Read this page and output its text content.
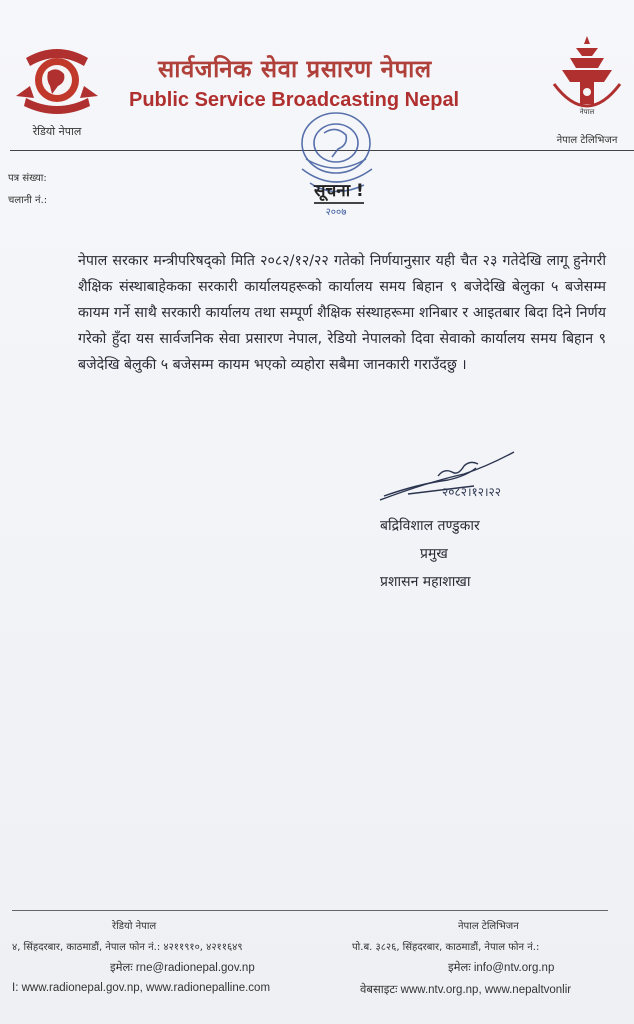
रेडियो नेपाल
सार्वजनिक सेवा प्रसारण नेपाल
Public Service Broadcasting Nepal
नेपाल
नेपाल टेलिभिजन
२००७
पत्र संख्या:
चलानी नं.:	सूचना !
नेपाल सरकार मन्त्रीपरिषद्को मिति २०८२/१२/२२ गतेको निर्णयानुसार यही चैत २३ गतेदेखि लागू हुनेगरी शैक्षिक संस्थाबाहेकका सरकारी कार्यालयहरूको कार्यालय समय बिहान ९ बजेदेखि बेलुका ५ बजेसम्म कायम गर्ने साथै सरकारी कार्यालय तथा सम्पूर्ण शैक्षिक संस्थाहरूमा शनिबार र आइतबार बिदा दिने निर्णय गरेको हुँदा यस सार्वजनिक सेवा प्रसारण नेपाल, रेडियो नेपालको दिवा सेवाको कार्यालय समय बिहान ९ बजेदेखि बेलुकी ५ बजेसम्म कायम भएको व्यहोरा सबैमा जानकारी गराउँदछु ।
२०८२।१२।२२
बद्रिविशाल तण्डुकार
प्रमुख
प्रशासन महाशाखा
रेडियो नेपाल
४, सिंहदरबार, काठमाडौं, नेपाल फोन नं.: ४२११९१०, ४२११६४९
इमेलः rne@radionepal.gov.np
I: www.radionepal.gov.np, www.radionepalline.com
नेपाल टेलिभिजन
पो.ब. ३८२६, सिंहदरबार, काठमाडौं, नेपाल फोन नं.:
इमेलः info@ntv.org.np
वेबसाइटः www.ntv.org.np, www.nepaltvonlir
